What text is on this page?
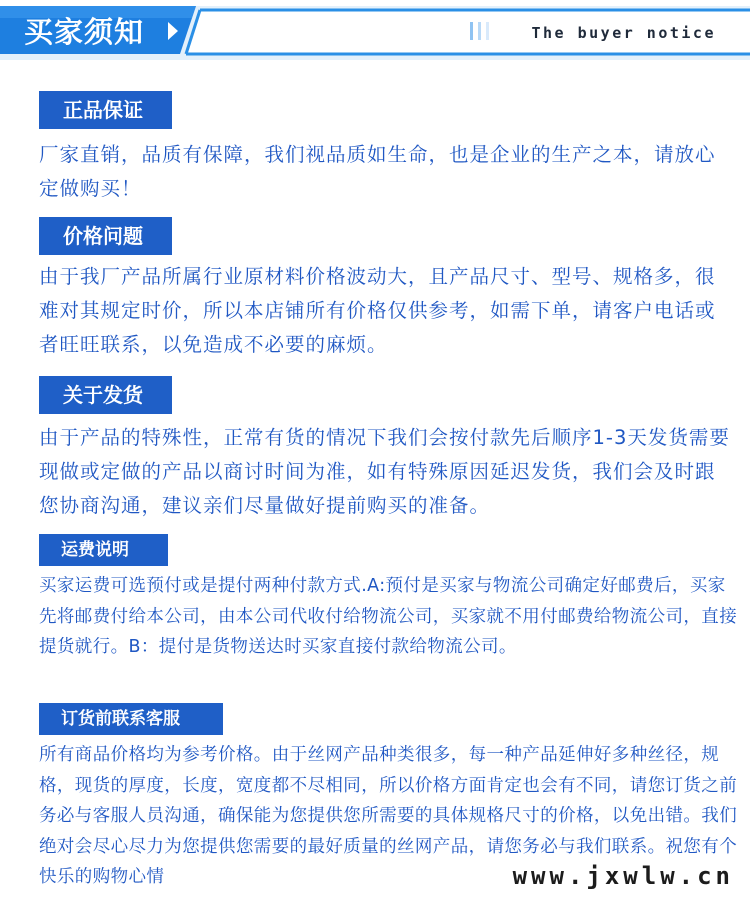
买家须知	The buyer notice

正品保证

厂家直销，品质有保障，我们视品质如生命，也是企业的生产之本，请放心定做购买！

价格问题

由于我厂产品所属行业原材料价格波动大，且产品尺寸、型号、规格多，很难对其规定时价，所以本店铺所有价格仅供参考，如需下单，请客户电话或者旺旺联系，以免造成不必要的麻烦。

关于发货

由于产品的特殊性，正常有货的情况下我们会按付款先后顺序1-3天发货需要现做或定做的产品以商讨时间为准，如有特殊原因延迟发货，我们会及时跟您协商沟通，建议亲们尽量做好提前购买的准备。

运费说明

买家运费可选预付或是提付两种付款方式.A:预付是买家与物流公司确定好邮费后，买家先将邮费付给本公司，由本公司代收付给物流公司，买家就不用付邮费给物流公司，直接提货就行。B：提付是货物送达时买家直接付款给物流公司。

订货前联系客服

所有商品价格均为参考价格。由于丝网产品种类很多，每一种产品延伸好多种丝径，规格，现货的厚度，长度，宽度都不尽相同，所以价格方面肯定也会有不同，请您订货之前务必与客服人员沟通，确保能为您提供您所需要的具体规格尺寸的价格，以免出错。我们绝对会尽心尽力为您提供您需要的最好质量的丝网产品，请您务必与我们联系。祝您有个快乐的购物心情	www.jxwlw.cn
